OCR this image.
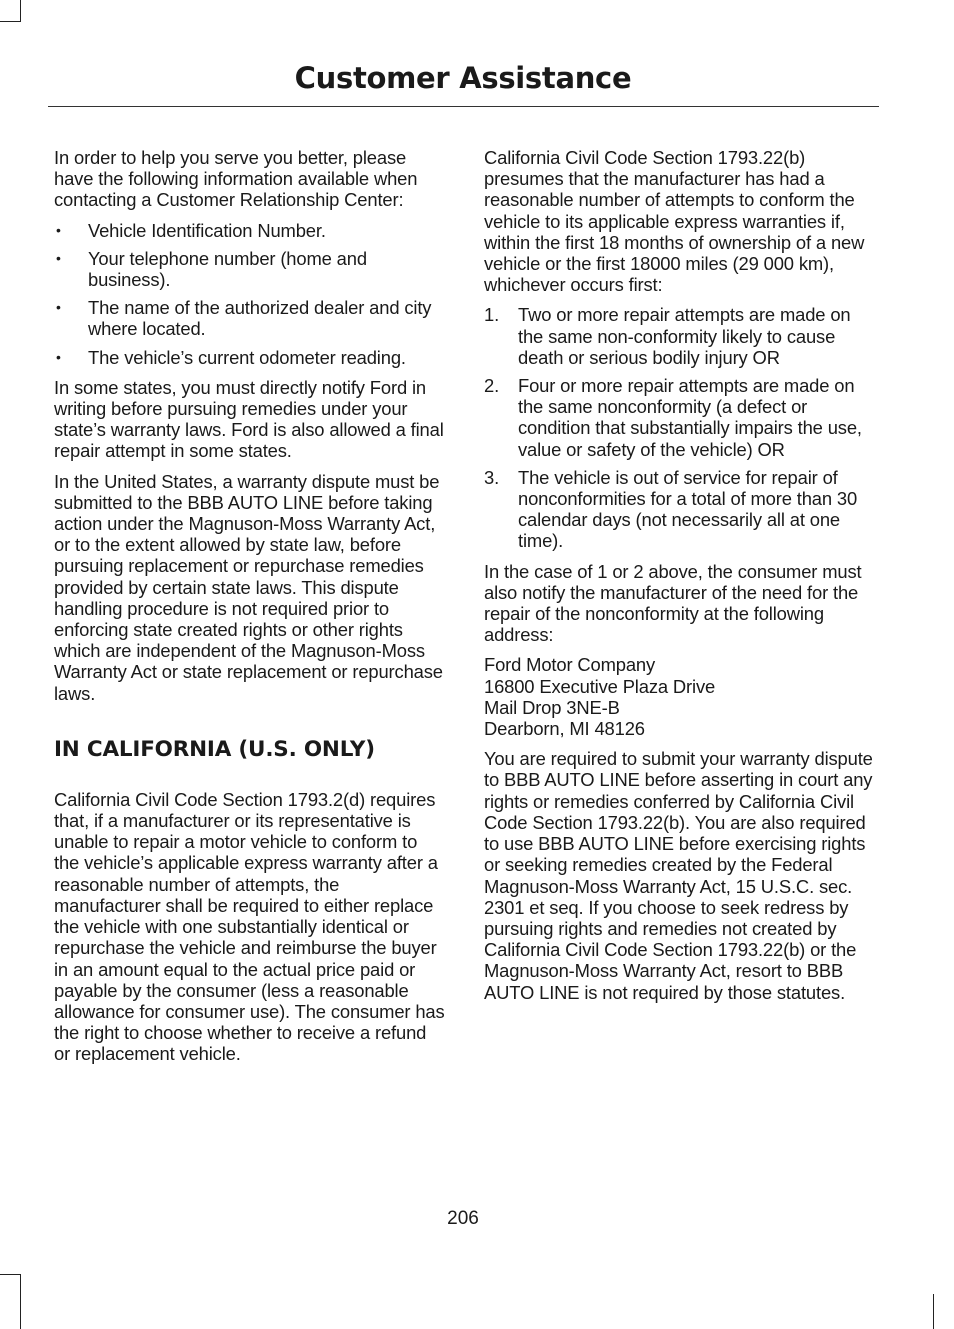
Customer Assistance

In order to help you serve you better, please have the following information available when contacting a Customer Relationship Center:

• Vehicle Identification Number.
• Your telephone number (home and business).
• The name of the authorized dealer and city where located.
• The vehicle’s current odometer reading.

In some states, you must directly notify Ford in writing before pursuing remedies under your state’s warranty laws. Ford is also allowed a final repair attempt in some states.

In the United States, a warranty dispute must be submitted to the BBB AUTO LINE before taking action under the Magnuson-Moss Warranty Act, or to the extent allowed by state law, before pursuing replacement or repurchase remedies provided by certain state laws. This dispute handling procedure is not required prior to enforcing state created rights or other rights which are independent of the Magnuson-Moss Warranty Act or state replacement or repurchase laws.

IN CALIFORNIA (U.S. ONLY)

California Civil Code Section 1793.2(d) requires that, if a manufacturer or its representative is unable to repair a motor vehicle to conform to the vehicle’s applicable express warranty after a reasonable number of attempts, the manufacturer shall be required to either replace the vehicle with one substantially identical or repurchase the vehicle and reimburse the buyer in an amount equal to the actual price paid or payable by the consumer (less a reasonable allowance for consumer use). The consumer has the right to choose whether to receive a refund or replacement vehicle.

California Civil Code Section 1793.22(b) presumes that the manufacturer has had a reasonable number of attempts to conform the vehicle to its applicable express warranties if, within the first 18 months of ownership of a new vehicle or the first 18000 miles (29 000 km), whichever occurs first:

1. Two or more repair attempts are made on the same non-conformity likely to cause death or serious bodily injury OR
2. Four or more repair attempts are made on the same nonconformity (a defect or condition that substantially impairs the use, value or safety of the vehicle) OR
3. The vehicle is out of service for repair of nonconformities for a total of more than 30 calendar days (not necessarily all at one time).

In the case of 1 or 2 above, the consumer must also notify the manufacturer of the need for the repair of the nonconformity at the following address:

Ford Motor Company
16800 Executive Plaza Drive
Mail Drop 3NE-B
Dearborn, MI 48126

You are required to submit your warranty dispute to BBB AUTO LINE before asserting in court any rights or remedies conferred by California Civil Code Section 1793.22(b). You are also required to use BBB AUTO LINE before exercising rights or seeking remedies created by the Federal Magnuson-Moss Warranty Act, 15 U.S.C. sec. 2301 et seq. If you choose to seek redress by pursuing rights and remedies not created by California Civil Code Section 1793.22(b) or the Magnuson-Moss Warranty Act, resort to BBB AUTO LINE is not required by those statutes.

206
